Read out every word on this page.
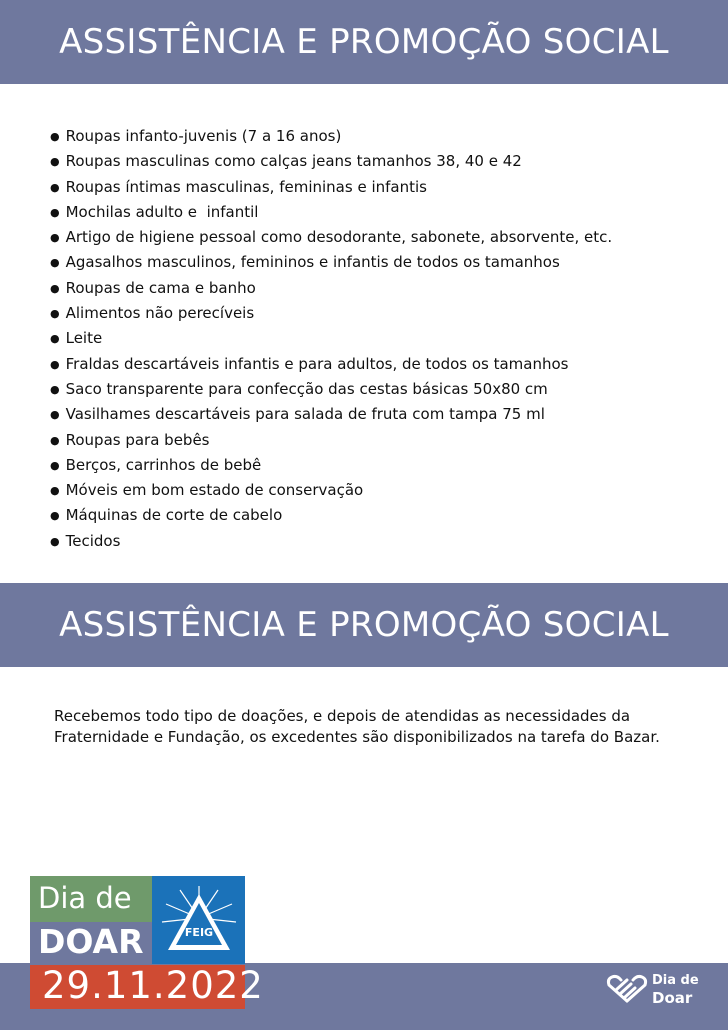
ASSISTÊNCIA E PROMOÇÃO SOCIAL
● Roupas infanto-juvenis (7 a 16 anos)
● Roupas masculinas como calças jeans tamanhos 38, 40 e 42
● Roupas íntimas masculinas, femininas e infantis
● Mochilas adulto e  infantil
● Artigo de higiene pessoal como desodorante, sabonete, absorvente, etc.
● Agasalhos masculinos, femininos e infantis de todos os tamanhos
● Roupas de cama e banho
● Alimentos não perecíveis
● Leite
● Fraldas descartáveis infantis e para adultos, de todos os tamanhos
● Saco transparente para confecção das cestas básicas 50x80 cm
● Vasilhames descartáveis para salada de fruta com tampa 75 ml
● Roupas para bebês
● Berços, carrinhos de bebê
● Móveis em bom estado de conservação
● Máquinas de corte de cabelo
● Tecidos
ASSISTÊNCIA E PROMOÇÃO SOCIAL

Recebemos todo tipo de doações, e depois de atendidas as necessidades da Fraternidade e Fundação, os excedentes são disponibilizados na tarefa do Bazar.

Dia de
DOAR
29.11.2022
FEIG
Dia de
Doar
